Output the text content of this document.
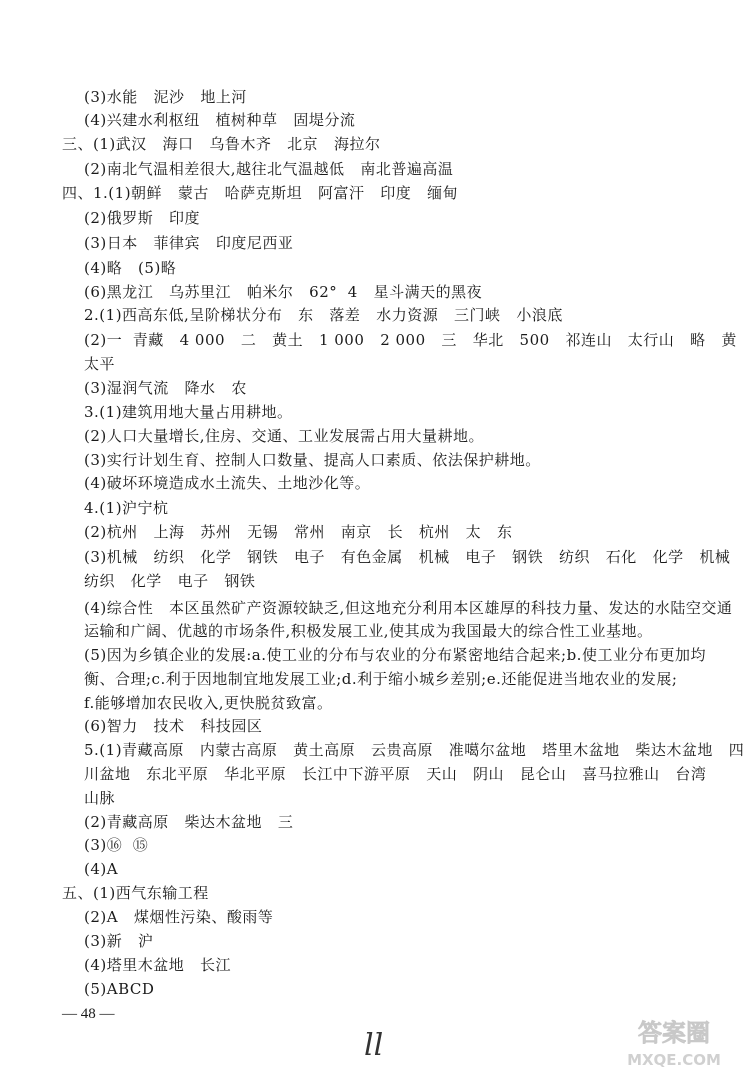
(3)水能   泥沙   地上河
(4)兴建水利枢纽   植树种草   固堤分流
三、(1)武汉   海口   乌鲁木齐   北京   海拉尔
(2)南北气温相差很大,越往北气温越低   南北普遍高温
四、1.(1)朝鲜   蒙古   哈萨克斯坦   阿富汗   印度   缅甸
(2)俄罗斯   印度
(3)日本   菲律宾   印度尼西亚
(4)略   (5)略
(6)黑龙江   乌苏里江   帕米尔   62°  4   星斗满天的黑夜
2.(1)西高东低,呈阶梯状分布   东   落差   水力资源   三门峡   小浪底
(2)一  青藏   4 000   二   黄土   1 000   2 000   三   华北   500   祁连山   太行山   略   黄
太平
(3)湿润气流   降水   农
3.(1)建筑用地大量占用耕地。
(2)人口大量增长,住房、交通、工业发展需占用大量耕地。
(3)实行计划生育、控制人口数量、提高人口素质、依法保护耕地。
(4)破坏环境造成水土流失、土地沙化等。
4.(1)沪宁杭
(2)杭州   上海   苏州   无锡   常州   南京   长   杭州   太   东
(3)机械   纺织   化学   钢铁   电子   有色金属   机械   电子   钢铁   纺织   石化   化学   机械
纺织   化学   电子   钢铁
(4)综合性   本区虽然矿产资源较缺乏,但这地充分利用本区雄厚的科技力量、发达的水陆空交通
运输和广阔、优越的市场条件,积极发展工业,使其成为我国最大的综合性工业基地。
(5)因为乡镇企业的发展:a.使工业的分布与农业的分布紧密地结合起来;b.使工业分布更加均
衡、合理;c.利于因地制宜地发展工业;d.利于缩小城乡差别;e.还能促进当地农业的发展;
f.能够增加农民收入,更快脱贫致富。
(6)智力   技术   科技园区
5.(1)青藏高原   内蒙古高原   黄土高原   云贵高原   准噶尔盆地   塔里木盆地   柴达木盆地   四
川盆地   东北平原   华北平原   长江中下游平原   天山   阴山   昆仑山   喜马拉雅山   台湾
山脉
(2)青藏高原   柴达木盆地   三
(3)⑯  ⑮
(4)A
五、(1)西气东输工程
(2)A   煤烟性污染、酸雨等
(3)新   沪
(4)塔里木盆地   长江
(5)ABCD
— 48 —
ll	答案圈
MXQE.COM
